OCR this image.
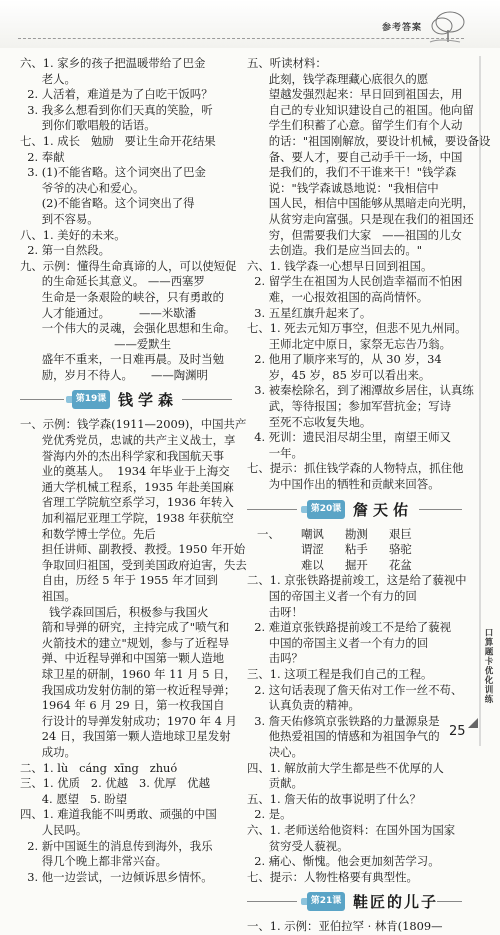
参考答案
六、1. 家乡的孩子把温暖带给了巴金
老人。
2. 人活着，难道是为了白吃干饭吗？
3. 我多么想看到你们天真的笑脸，听
到你们歌唱般的话语。
七、1. 成长   勉励   要让生命开花结果
2. 奉献
3. (1)不能省略。这个词突出了巴金
爷爷的决心和爱心。
(2)不能省略。这个词突出了得
到不容易。
八、1. 美好的未来。
2. 第一自然段。
九、示例：懂得生命真谛的人，可以使短促
的生命延长其意义。 ——西塞罗
生命是一条艰险的峡谷，只有勇敢的
人才能通过。        ——米歇潘
一个伟大的灵魂，会强化思想和生命。
——爱默生
盛年不重来，一日难再晨。及时当勉
励，岁月不待人。     ——陶渊明
第19课 钱学森
一、示例：钱学森(1911—2009)，中国共产
党优秀党员，忠诚的共产主义战士，享
誉海内外的杰出科学家和我国航天事
业的奠基人。  1934 年毕业于上海交
通大学机械工程系，1935 年赴美国麻
省理工学院航空系学习，1936 年转入
加利福尼亚理工学院，1938 年获航空
和数学博士学位。先后
担任讲师、副教授、教授。1950 年开始
争取回归祖国，受到美国政府迫害，失去
自由，历经 5 年于 1955 年才回到
祖国。
钱学森回国后，积极参与我国火
箭和导弹的研究，主持完成了"喷气和
火箭技术的建立"规划，参与了近程导
弹、中近程导弹和中国第一颗人造地
球卫星的研制，1960 年 11 月 5 日，
我国成功发射仿制的第一枚近程导弹；
1964 年 6 月 29 日，第一枚我国自
行设计的导弹发射成功；1970 年 4 月
24 日，我国第一颗人造地球卫星发射
成功。
二、1. lù   cáng  xīng   zhuó
三、1. 优质   2. 优越   3. 优厚   优越
4. 愿望   5. 盼望
四、1. 难道我能不叫勇敢、顽强的中国
人民吗。
2. 新中国诞生的消息传到海外，我乐
得几个晚上都非常兴奋。
3. 他一边尝试，一边倾诉思乡情怀。
五、听读材料：
此刻，钱学森理藏心底很久的愿
望越发强烈起来：早日回到祖国去，用
自己的专业知识建设自己的祖国。他向留
学生们积蓄了心意。留学生们有个人动
的话："祖国刚解放，要设计机械，要设备设
备、要人才，要自己动手干一场，中国
是我们的，我们不干谁来干！"钱学森
说："钱学森诚恳地说："我相信中
国人民，相信中国能够从黑暗走向光明，
从贫穷走向富强。只是现在我们的祖国还
穷，但需要我们大家   ——祖国的儿女
去创造。我们是应当回去的。"
六、1. 钱学森一心想早日回到祖国。
2. 留学生在祖国为人民创造幸福而不怕困
难，一心报效祖国的高尚情怀。
3. 五星红旗升起来了。
七、1. 死去元知万事空，但悲不见九州同。
王师北定中原日，家祭无忘告乃翁。
2. 他用了顺序来写的，从 30 岁，34
岁，45 岁，85 岁可以看出来。
3. 被秦桧除名，到了湘潭故乡居住，认真练
武，等待报国；参加军营抗金；写诗
至死不忘收复失地。
4. 死训：遗民泪尽胡尘里，南望王师又
一年。
七、提示：抓住钱学森的人物特点，抓住他
为中国作出的牺牲和贡献来回答。
第20课 詹天佑
一、	嘲讽	勘测	艰巨
谓涩	粘手	骆驼
难以	掘开	花盆
二、1. 京张铁路提前竣工，这是给了藐视中
国的帝国主义者一个有力的回
击呀！
2. 难道京张铁路提前竣工不是给了藐视
中国的帝国主义者一个有力的回
击吗？
三、1. 这项工程是我们自己的工程。
2. 这句话表现了詹天佑对工作一丝不苟、
认真负责的精神。
3. 詹天佑修筑京张铁路的力量源泉是
他热爱祖国的情感和为祖国争气的
决心。
四、1. 解放前大学生都是些不优厚的人
贡献。
五、1. 詹天佑的故事说明了什么？
2. 是。
六、1. 老师送给他资料：在国外国为国家
贫穷受人藐视。
2. 痛心、惭愧。他会更加刻苦学习。
七、提示：人物性格要有典型性。
第21课 鞋匠的儿子
一、1. 示例：亚伯拉罕 · 林肯(1809—
口算题卡优化训练
25
